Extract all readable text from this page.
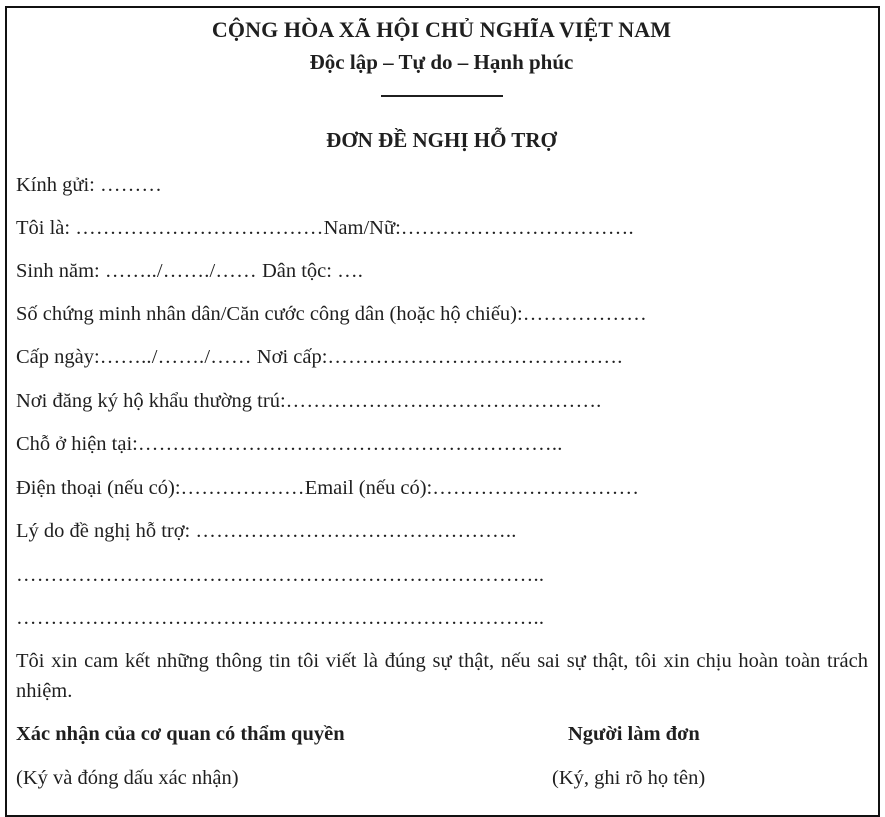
CỘNG HÒA XÃ HỘI CHỦ NGHĨA VIỆT NAM
Độc lập – Tự do – Hạnh phúc
ĐƠN ĐỀ NGHỊ HỖ TRỢ
Kính gửi: ………
Tôi là: ………………………………Nam/Nữ:…………………………….
Sinh năm: ……../……./…… Dân tộc: ….
Số chứng minh nhân dân/Căn cước công dân (hoặc hộ chiếu):………………
Cấp ngày:……../……./…… Nơi cấp:…………………………………….
Nơi đăng ký hộ khẩu thường trú:……………………………………….
Chỗ ở hiện tại:……………………………………………………..
Điện thoại (nếu có):………………Email (nếu có):…………………………
Lý do đề nghị hỗ trợ: ………………………………………..
…………………………………………………………………..
…………………………………………………………………..
Tôi xin cam kết những thông tin tôi viết là đúng sự thật, nếu sai sự thật, tôi xin chịu hoàn toàn trách nhiệm.
Xác nhận của cơ quan có thẩm quyền
(Ký và đóng dấu xác nhận)
Người làm đơn
(Ký, ghi rõ họ tên)
